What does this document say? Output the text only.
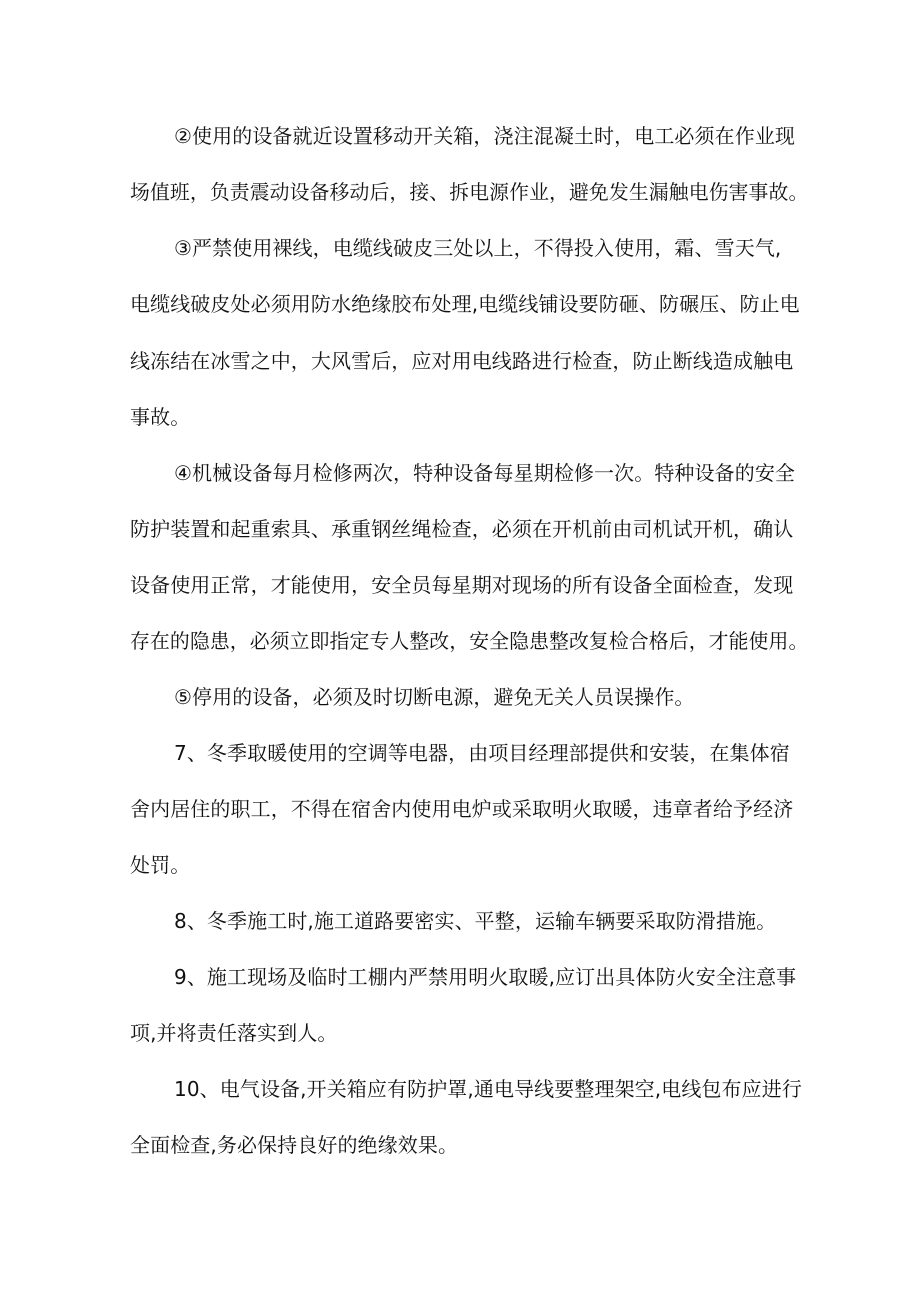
②使用的设备就近设置移动开关箱，浇注混凝土时，电工必须在作业现
场值班，负责震动设备移动后，接、拆电源作业，避免发生漏触电伤害事故。
③严禁使用裸线，电缆线破皮三处以上，不得投入使用，霜、雪天气,
电缆线破皮处必须用防水绝缘胶布处理,电缆线铺设要防砸、防碾压、防止电
线冻结在冰雪之中，大风雪后，应对用电线路进行检查，防止断线造成触电
事故。
④机械设备每月检修两次，特种设备每星期检修一次。特种设备的安全
防护装置和起重索具、承重钢丝绳检查，必须在开机前由司机试开机，确认
设备使用正常，才能使用，安全员每星期对现场的所有设备全面检查，发现
存在的隐患，必须立即指定专人整改，安全隐患整改复检合格后，才能使用。
⑤停用的设备，必须及时切断电源，避免无关人员误操作。
7、冬季取暖使用的空调等电器，由项目经理部提供和安装，在集体宿
舍内居住的职工，不得在宿舍内使用电炉或采取明火取暖，违章者给予经济
处罚。
8、冬季施工时,施工道路要密实、平整，运输车辆要采取防滑措施。
9、施工现场及临时工棚内严禁用明火取暖,应订出具体防火安全注意事
项,并将责任落实到人。
10、电气设备,开关箱应有防护罩,通电导线要整理架空,电线包布应进行
全面检查,务必保持良好的绝缘效果。
